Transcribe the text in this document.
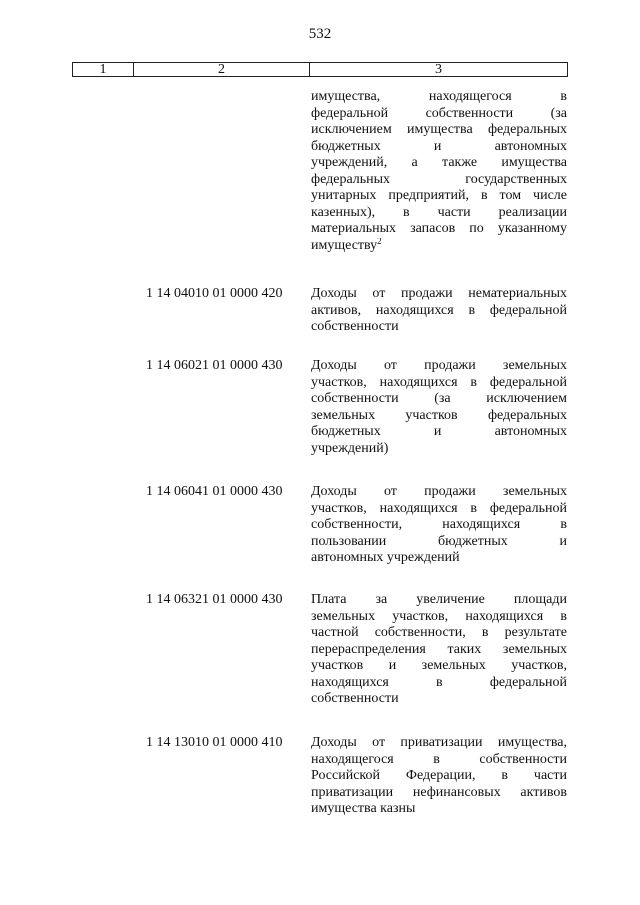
532
1	2	3
имущества, находящегося в
федеральной собственности (за
исключением имущества федеральных
бюджетных и автономных
учреждений, а также имущества
федеральных государственных
унитарных предприятий, в том числе
казенных), в части реализации
материальных запасов по указанному
имуществу$^2$
1 14 04010 01 0000 420	Доходы от продажи нематериальных
активов, находящихся в федеральной
собственности
1 14 06021 01 0000 430	Доходы от продажи земельных
участков, находящихся в федеральной
собственности (за исключением
земельных участков федеральных
бюджетных и автономных
учреждений)
1 14 06041 01 0000 430	Доходы от продажи земельных
участков, находящихся в федеральной
собственности, находящихся в
пользовании бюджетных и
автономных учреждений
1 14 06321 01 0000 430	Плата за увеличение площади
земельных участков, находящихся в
частной собственности, в результате
перераспределения таких земельных
участков и земельных участков,
находящихся в федеральной
собственности
1 14 13010 01 0000 410	Доходы от приватизации имущества,
находящегося в собственности
Российской Федерации, в части
приватизации нефинансовых активов
имущества казны
